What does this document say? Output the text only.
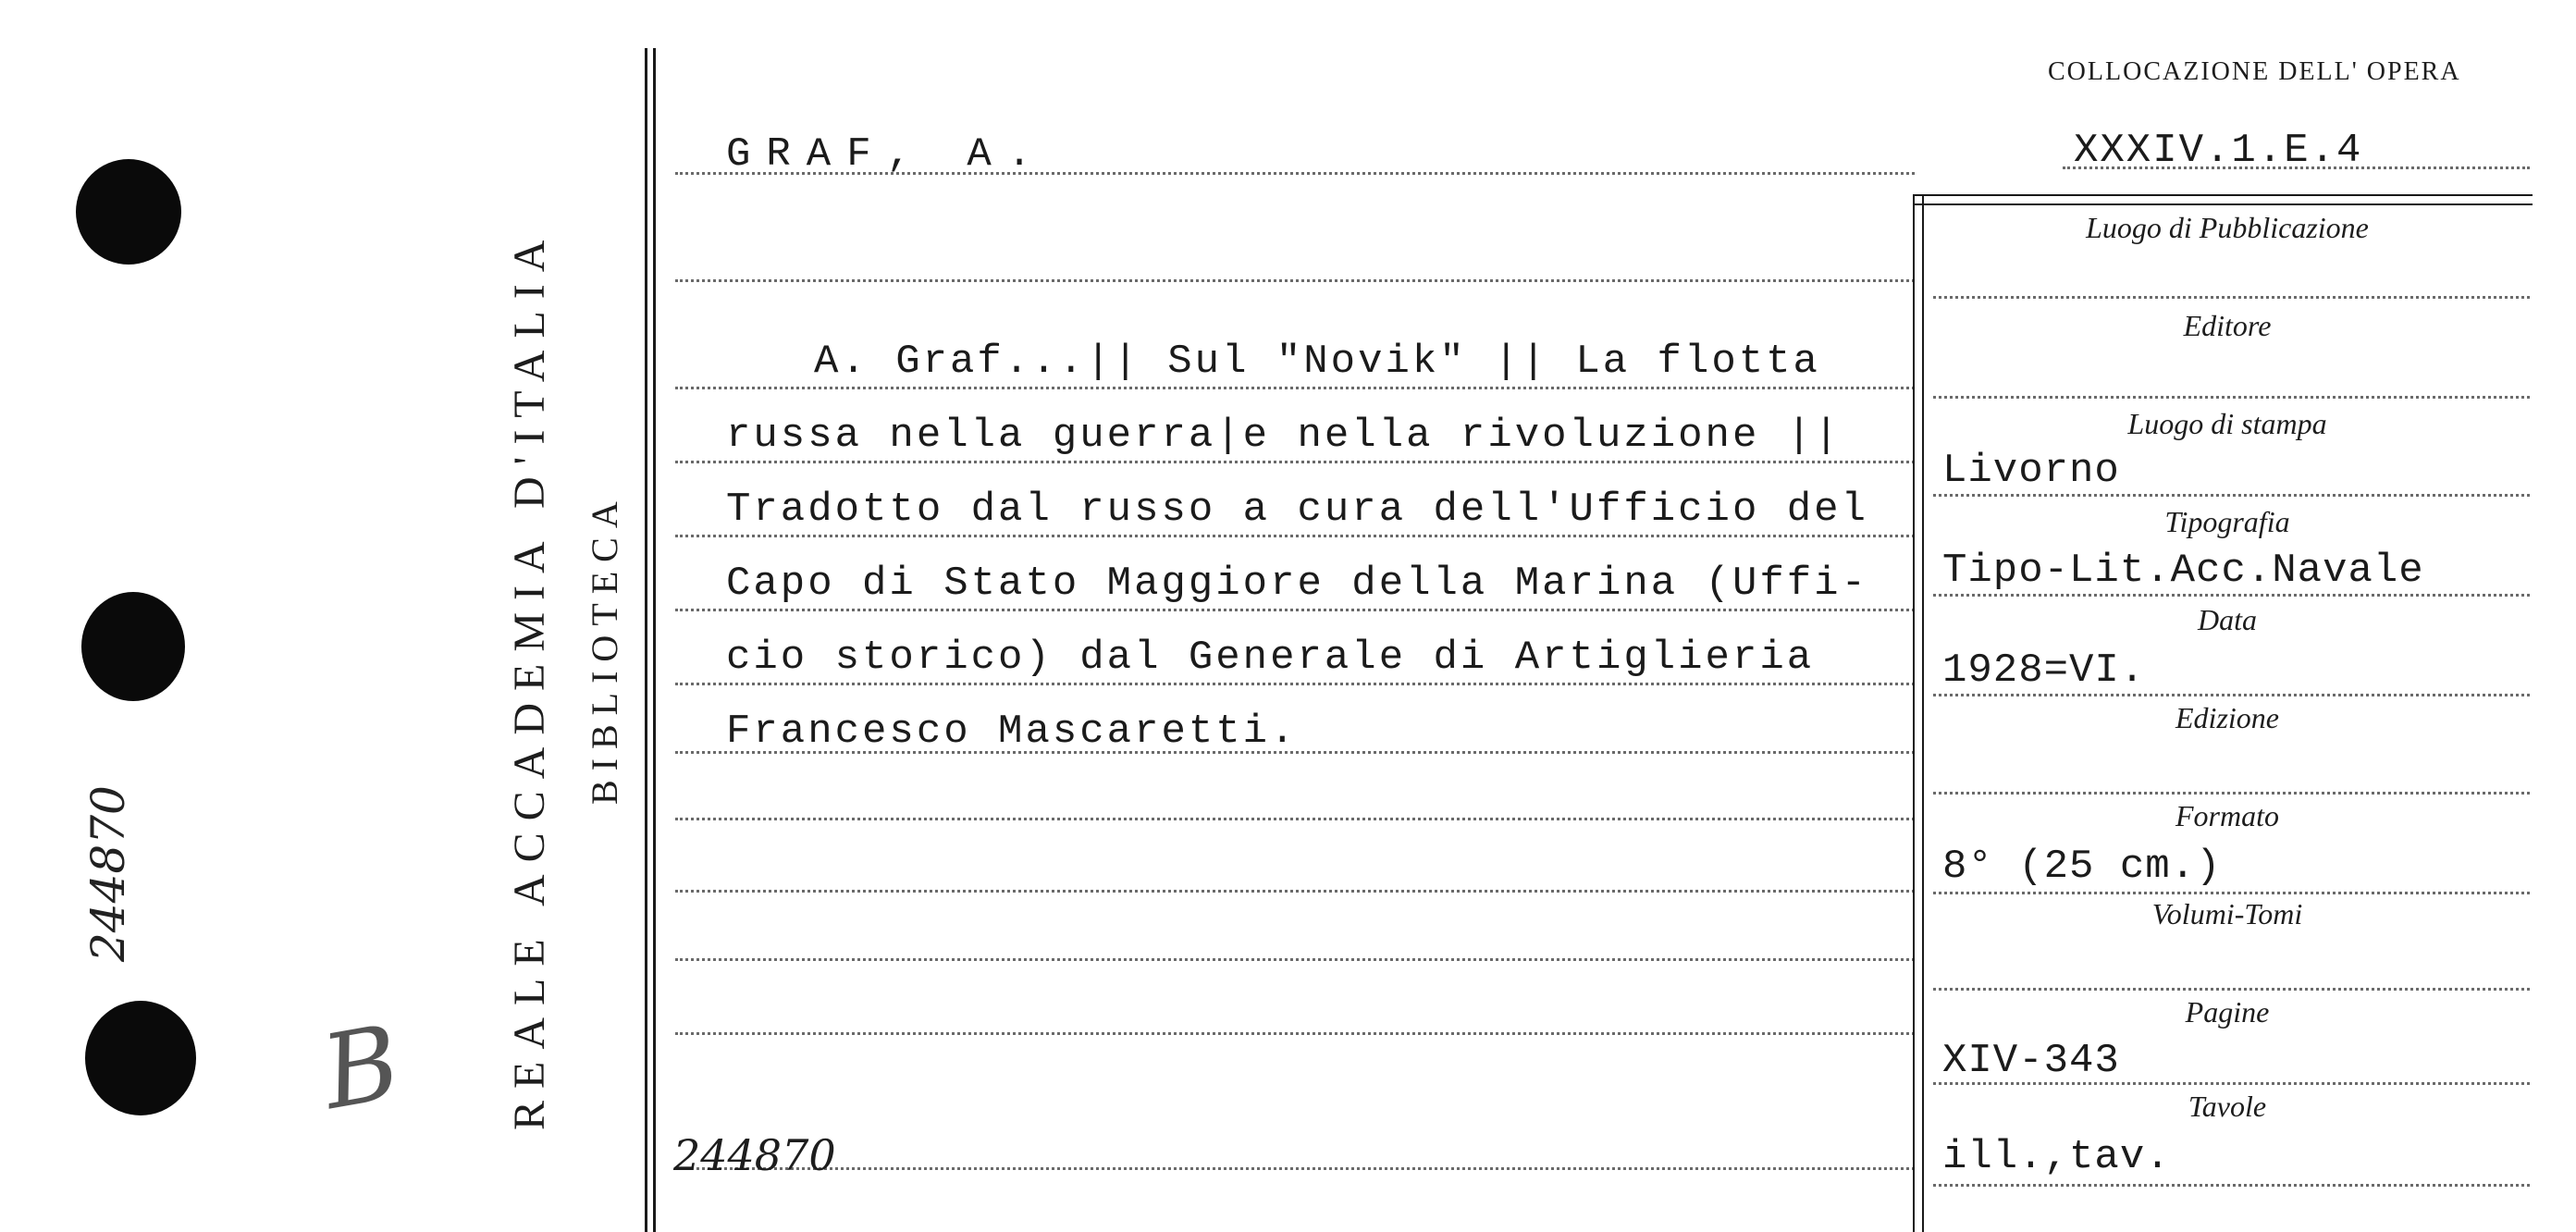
244870
B REALE ACCADEMIA D'ITALIA BIBLIOTECA
COLLOCAZIONE DELL' OPERA
XXXIV.1.E.4
GRAF, A.
A. Graf...|| Sul "Novik" || La flotta
russa nella guerra|e nella rivoluzione ||
Tradotto dal russo a cura dell'Ufficio del
Capo di Stato Maggiore della Marina (Uffi-
cio storico) dal Generale di Artiglieria
Francesco Mascaretti.
244870
Luogo di Pubblicazione
Editore
Luogo di stampa
Livorno
Tipografia
Tipo-Lit.Acc.Navale
Data
1928=VI.
Edizione
Formato
8° (25 cm.)
Volumi-Tomi
Pagine
XIV-343
Tavole
ill.,tav.
